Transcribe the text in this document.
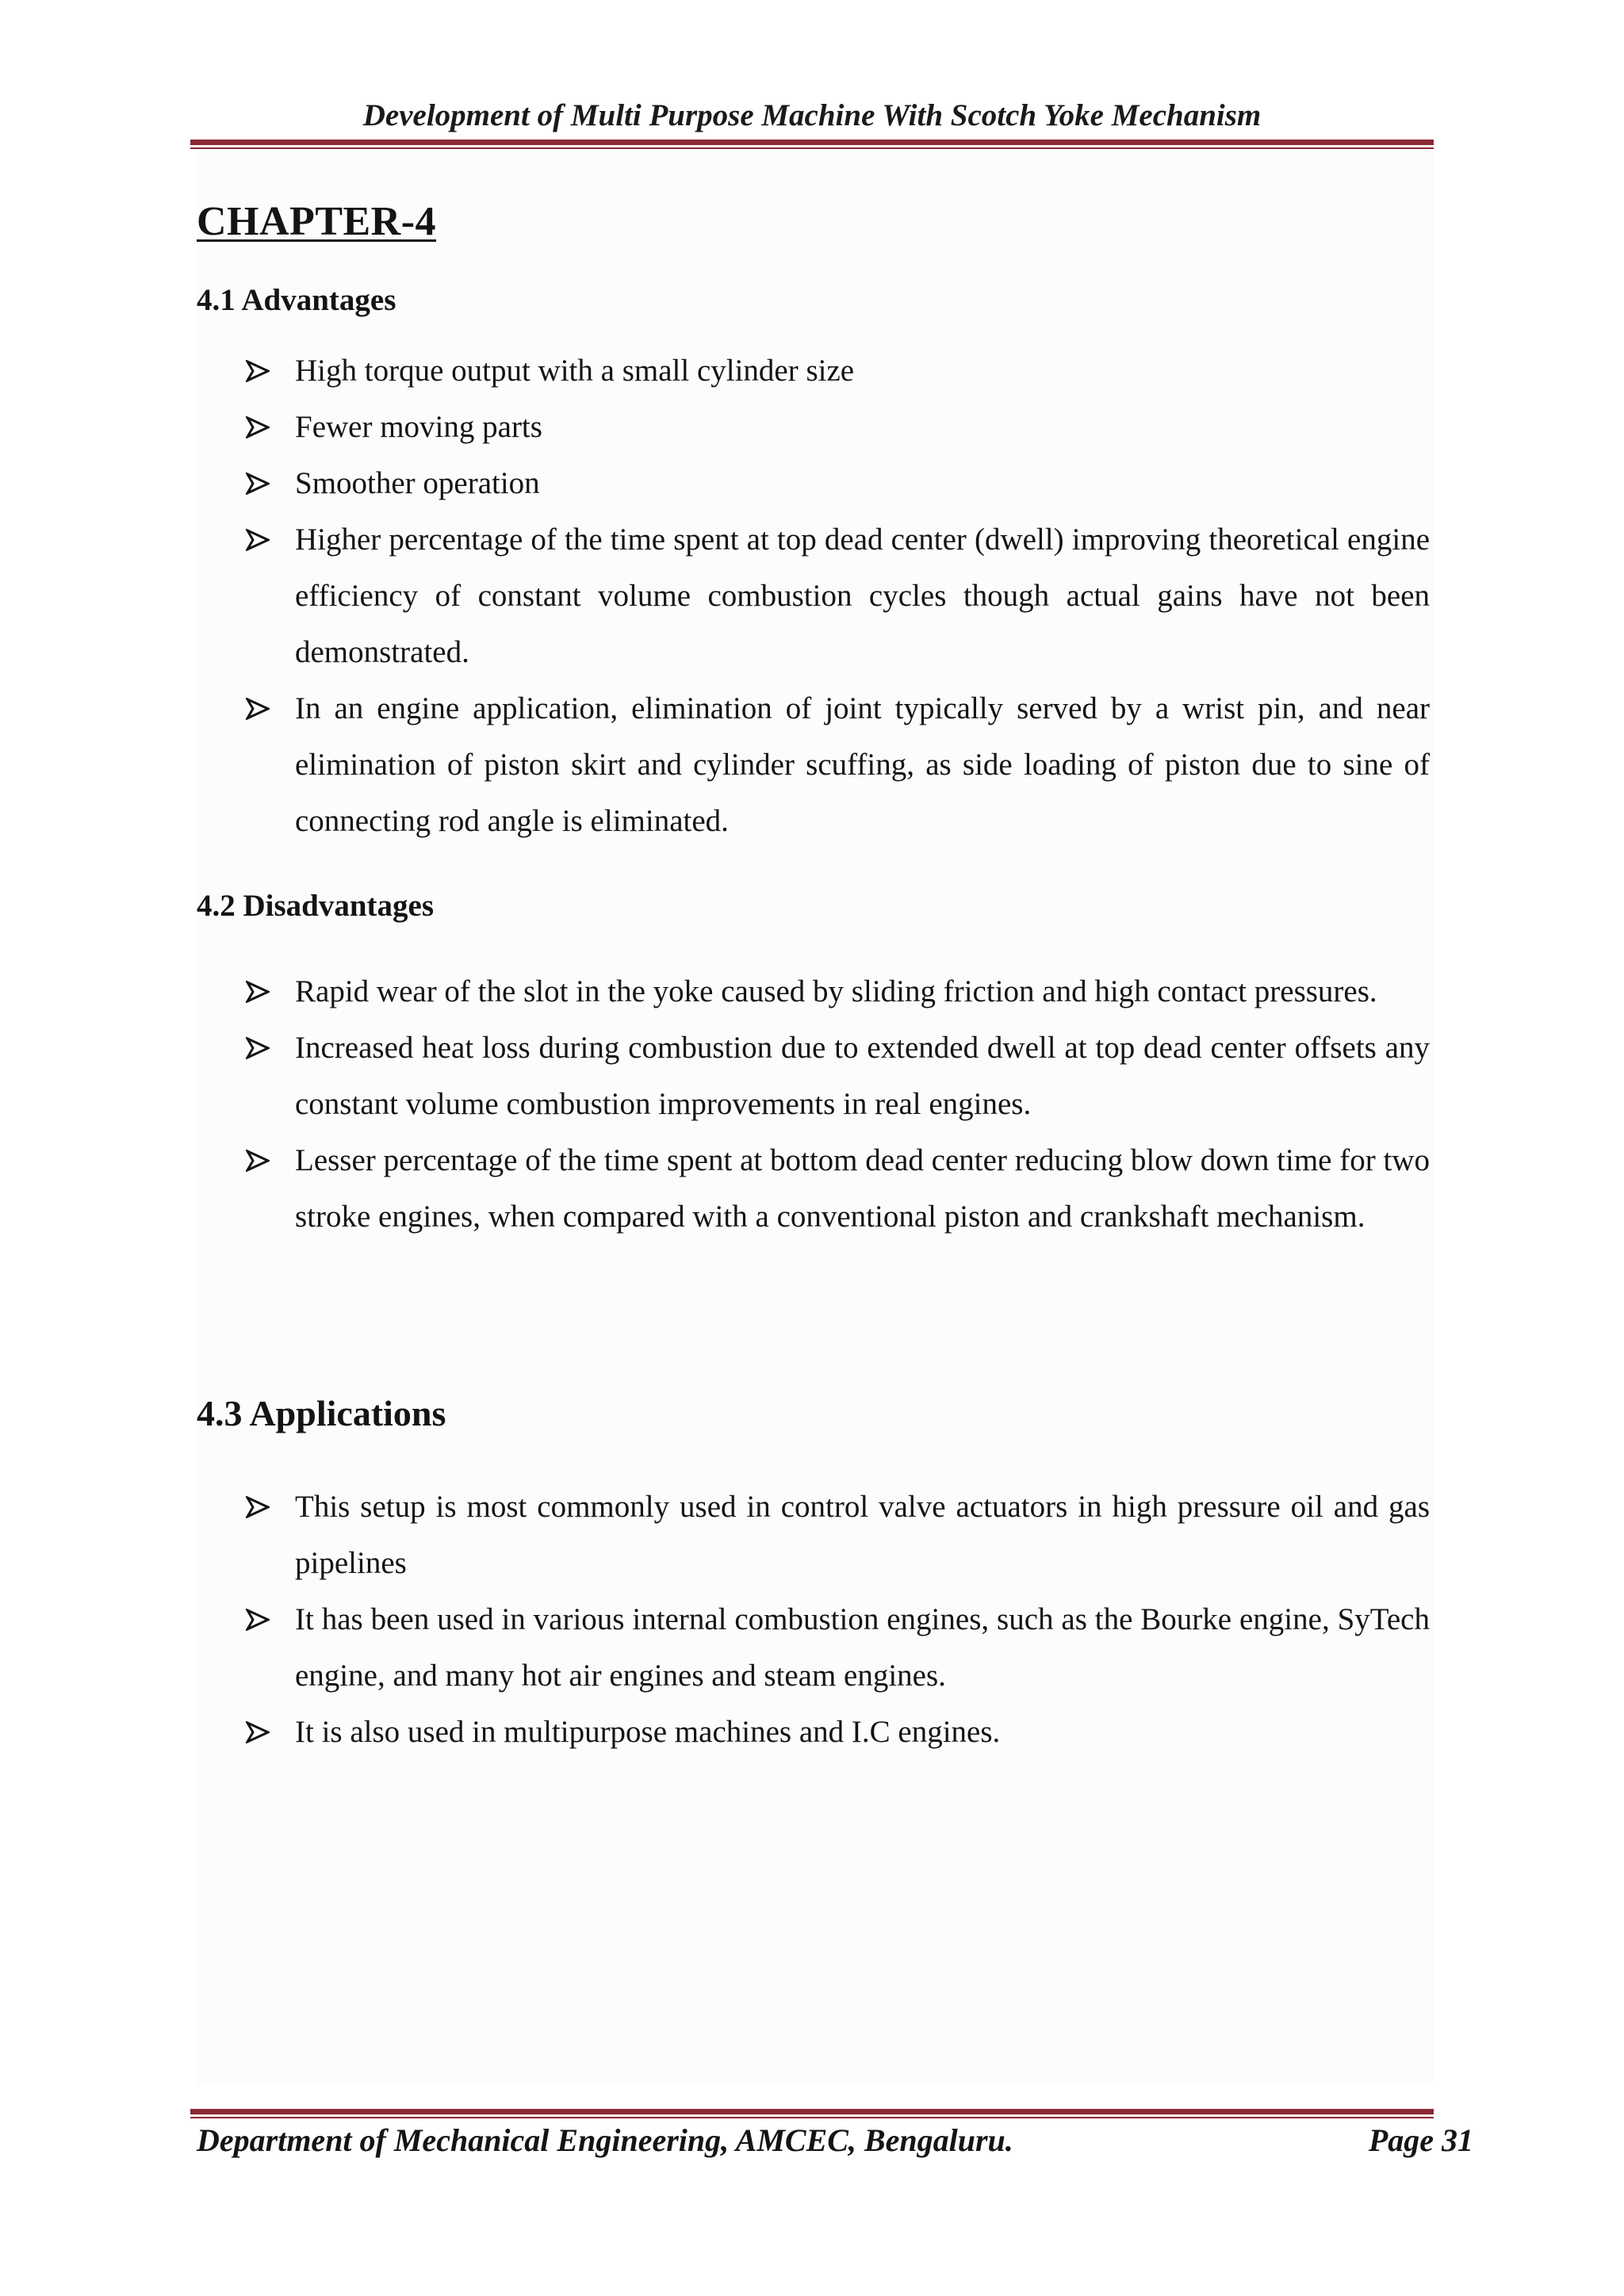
Development of Multi Purpose Machine With Scotch Yoke Mechanism
CHAPTER-4
4.1 Advantages
High torque output with a small cylinder size
Fewer moving parts
Smoother operation
Higher percentage of the time spent at top dead center (dwell) improving theoretical engine efficiency of constant volume combustion cycles though actual gains have not been demonstrated.
In an engine application, elimination of joint typically served by a wrist pin, and near elimination of piston skirt and cylinder scuffing, as side loading of piston due to sine of connecting rod angle is eliminated.
4.2 Disadvantages
Rapid wear of the slot in the yoke caused by sliding friction and high contact pressures.
Increased heat loss during combustion due to extended dwell at top dead center offsets any constant volume combustion improvements in real engines.
Lesser percentage of the time spent at bottom dead center reducing blow down time for two stroke engines, when compared with a conventional piston and crankshaft mechanism.
4.3 Applications
This setup is most commonly used in control valve actuators in high pressure oil and gas pipelines
It has been used in various internal combustion engines, such as the Bourke engine, SyTech engine, and many hot air engines and steam engines.
It is also used in multipurpose machines and I.C engines.
Department of Mechanical Engineering, AMCEC, Bengaluru.	Page 31
